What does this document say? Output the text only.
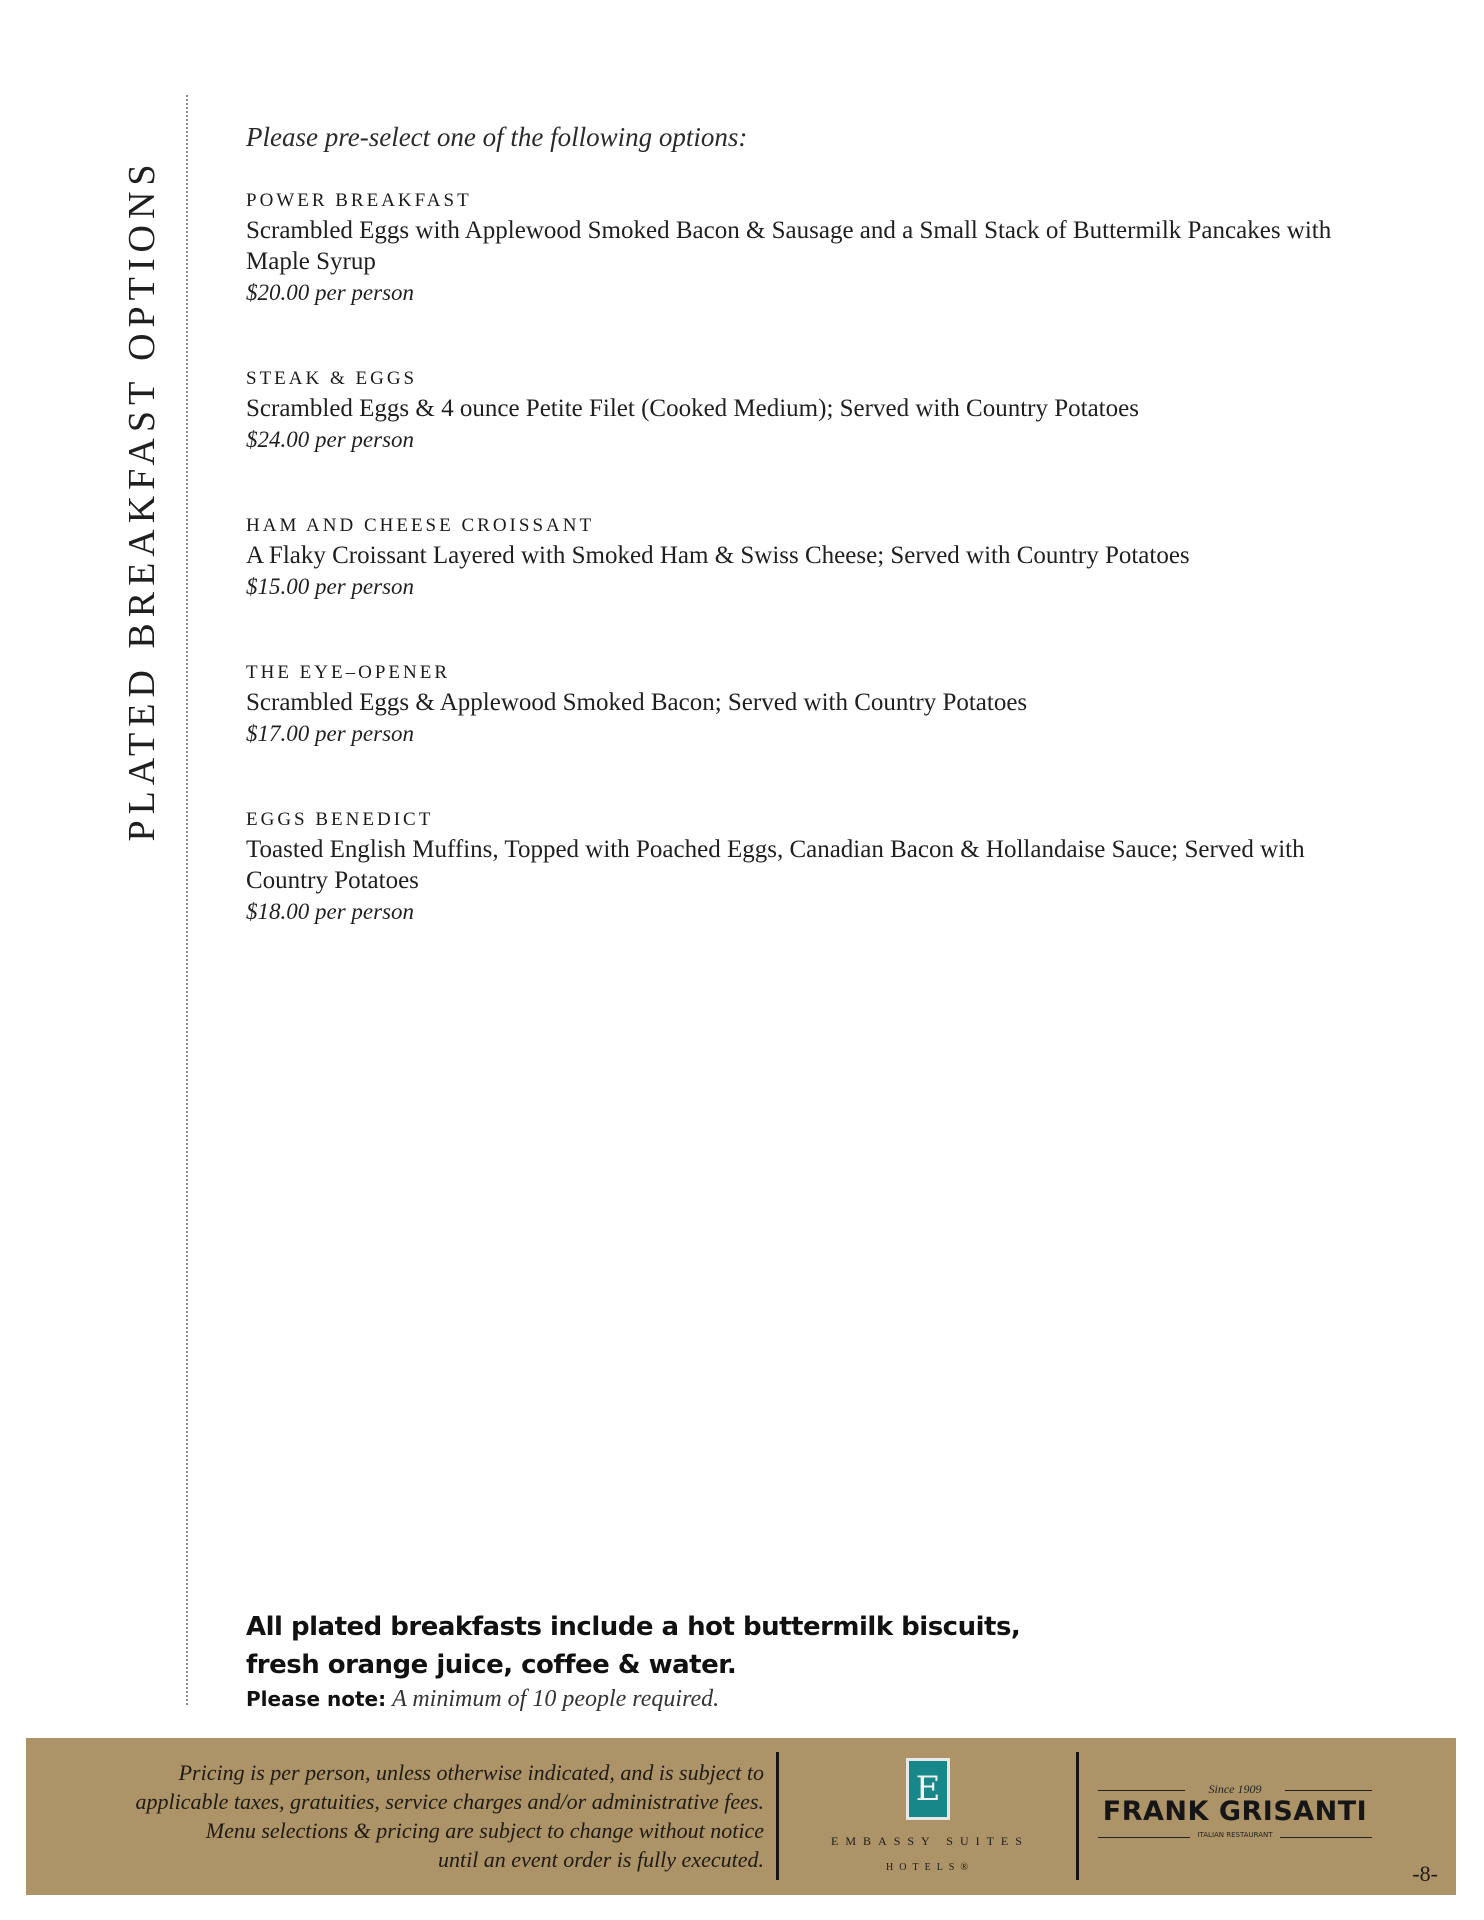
PLATED BREAKFAST OPTIONS
Please pre-select one of the following options:
POWER BREAKFAST
Scrambled Eggs with Applewood Smoked Bacon & Sausage and a Small Stack of Buttermilk Pancakes with Maple Syrup
$20.00 per person
STEAK & EGGS
Scrambled Eggs & 4 ounce Petite Filet (Cooked Medium); Served with Country Potatoes
$24.00 per person
HAM AND CHEESE CROISSANT
A Flaky Croissant Layered with Smoked Ham & Swiss Cheese; Served with Country Potatoes
$15.00 per person
THE EYE–OPENER
Scrambled Eggs & Applewood Smoked Bacon; Served with Country Potatoes
$17.00 per person
EGGS BENEDICT
Toasted English Muffins, Topped with Poached Eggs, Canadian Bacon & Hollandaise Sauce; Served with Country Potatoes
$18.00 per person
All plated breakfasts include a hot buttermilk biscuits,
fresh orange juice, coffee & water.
Please note: A minimum of 10 people required.
Pricing is per person, unless otherwise indicated, and is subject to
applicable taxes, gratuities, service charges and/or administrative fees.
Menu selections & pricing are subject to change without notice
until an event order is fully executed.
E
EMBASSY SUITES
HOTELS®
Since 1909
FRANK GRISANTI
ITALIAN RESTAURANT
-8-
